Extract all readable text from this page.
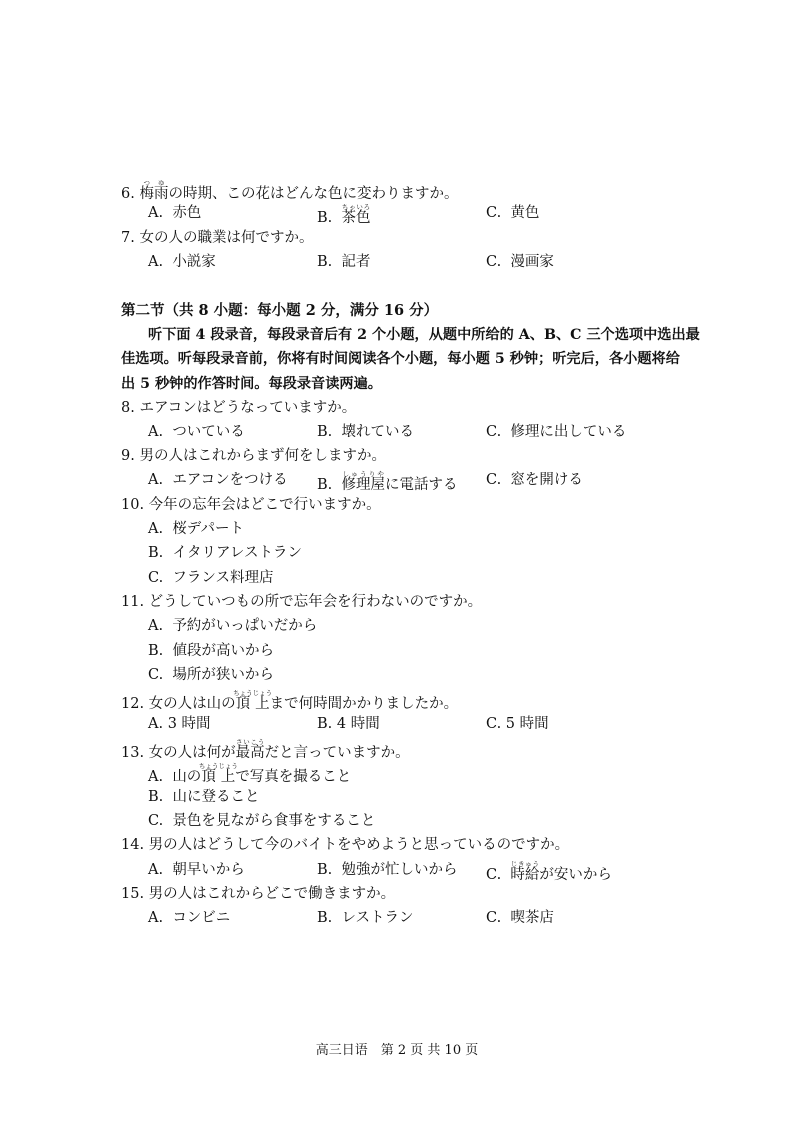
6. 梅雨つゆの時期、この花はどんな色に変わりますか。
A. 赤色	B. 茶色ちゃいろ	C. 黄色
7. 女の人の職業は何ですか。
A. 小説家	B. 記者	C. 漫画家
第二节（共 8 小题：每小题 2 分，满分 16 分）
听下面 4 段录音，每段录音后有 2 个小题，从题中所给的 A、B、C 三个选项中选出最
佳选项。听每段录音前，你将有时间阅读各个小题，每小题 5 秒钟；听完后，各小题将给
出 5 秒钟的作答时间。每段录音读两遍。
8. エアコンはどうなっていますか。
A. ついている	B. 壊れている	C. 修理に出している
9. 男の人はこれからまず何をしますか。
A. エアコンをつける B. 修理屋しゅうりやに電話する C. 窓を開ける
10. 今年の忘年会はどこで行いますか。
A. 桜デパート
B. イタリアレストラン
C. フランス料理店
11. どうしていつもの所で忘年会を行わないのですか。
A. 予約がいっぱいだから
B. 値段が高いから
C. 場所が狭いから
12. 女の人は山の頂上ちょうじょうまで何時間かかりましたか。
A. 3 時間	B. 4 時間	C. 5 時間
13. 女の人は何が最高さいこうだと言っていますか。
A. 山の頂上ちょうじょうで写真を撮ること
B. 山に登ること
C. 景色を見ながら食事をすること
14. 男の人はどうして今のバイトをやめようと思っているのですか。
A. 朝早いから	B. 勉強が忙しいから C. 時給じきゅうが安いから
15. 男の人はこれからどこで働きますか。
A. コンビニ	B. レストラン	C. 喫茶店
高三日语　第 2 页 共 10 页
